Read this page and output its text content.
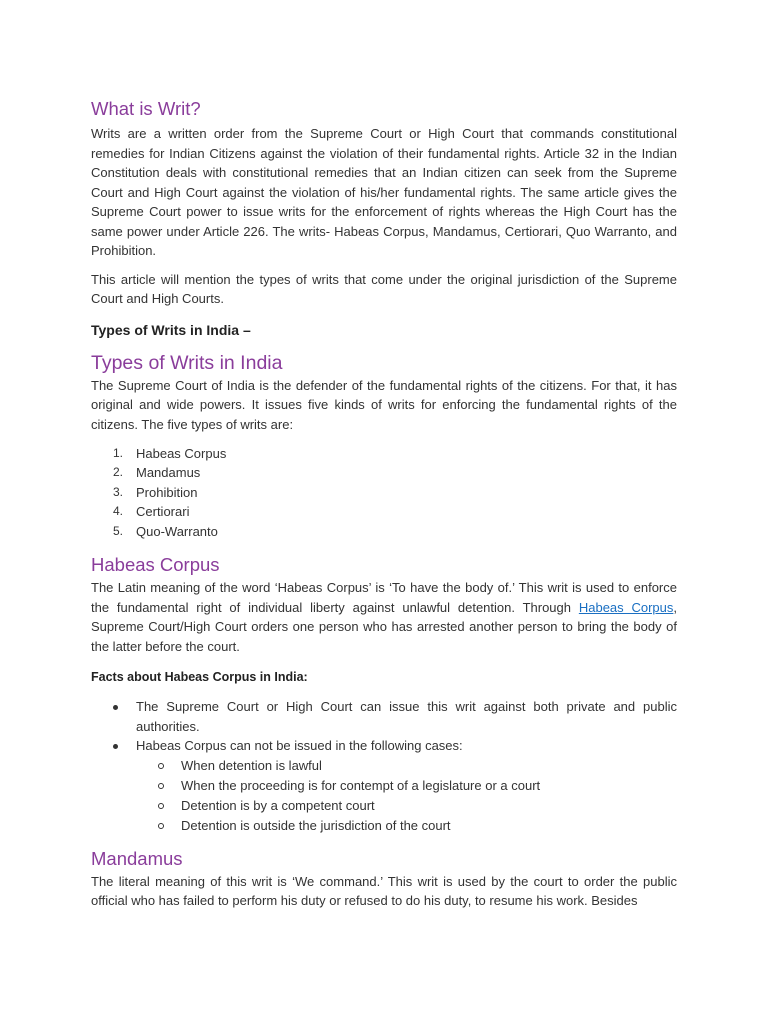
What is Writ?

Writs are a written order from the Supreme Court or High Court that commands constitutional remedies for Indian Citizens against the violation of their fundamental rights. Article 32 in the Indian Constitution deals with constitutional remedies that an Indian citizen can seek from the Supreme Court and High Court against the violation of his/her fundamental rights. The same article gives the Supreme Court power to issue writs for the enforcement of rights whereas the High Court has the same power under Article 226. The writs- Habeas Corpus, Mandamus, Certiorari, Quo Warranto, and Prohibition.

This article will mention the types of writs that come under the original jurisdiction of the Supreme Court and High Courts.

Types of Writs in India –

Types of Writs in India

The Supreme Court of India is the defender of the fundamental rights of the citizens. For that, it has original and wide powers. It issues five kinds of writs for enforcing the fundamental rights of the citizens. The five types of writs are:

1. Habeas Corpus
2. Mandamus
3. Prohibition
4. Certiorari
5. Quo-Warranto
Habeas Corpus

The Latin meaning of the word ‘Habeas Corpus’ is ‘To have the body of.’ This writ is used to enforce the fundamental right of individual liberty against unlawful detention. Through Habeas Corpus, Supreme Court/High Court orders one person who has arrested another person to bring the body of the latter before the court.

Facts about Habeas Corpus in India:

The Supreme Court or High Court can issue this writ against both private and public authorities.
Habeas Corpus can not be issued in the following cases:
When detention is lawful
When the proceeding is for contempt of a legislature or a court
Detention is by a competent court
Detention is outside the jurisdiction of the court
Mandamus

The literal meaning of this writ is ‘We command.’ This writ is used by the court to order the public official who has failed to perform his duty or refused to do his duty, to resume his work. Besides
